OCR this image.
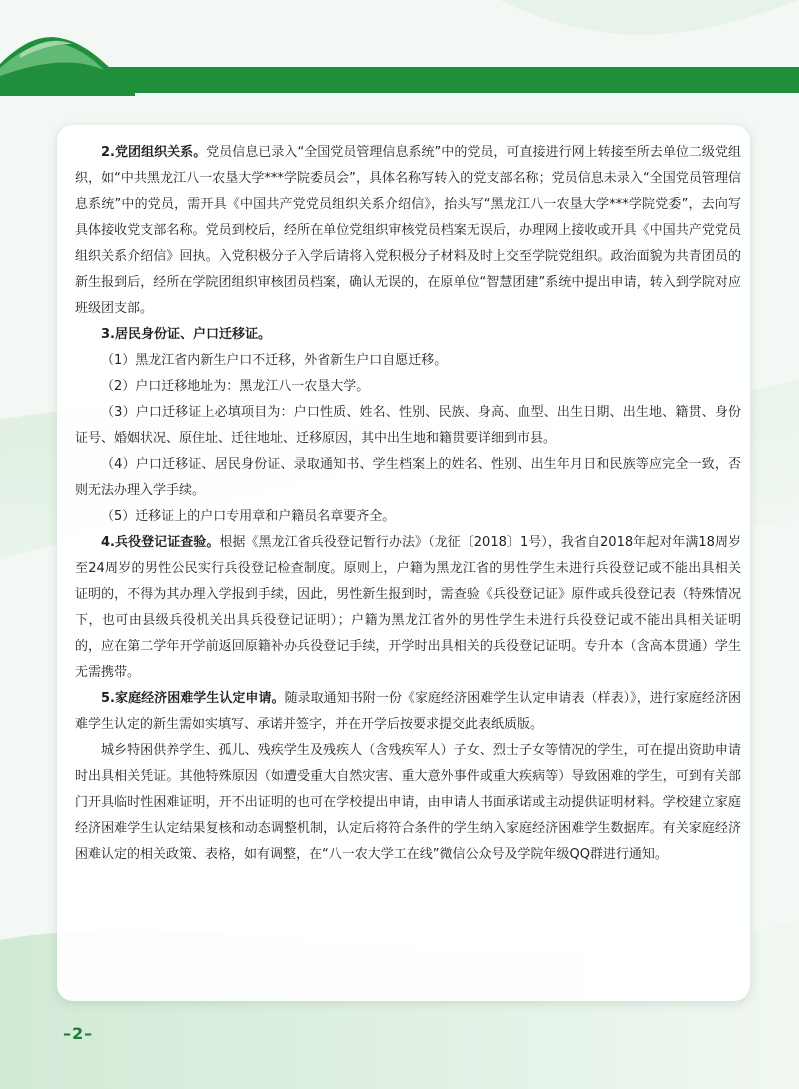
2.党团组织关系。党员信息已录入“全国党员管理信息系统”中的党员，可直接进行网上转接至所去单位二级党组织，如“中共黑龙江八一农垦大学***学院委员会”，具体名称写转入的党支部名称；党员信息未录入“全国党员管理信息系统”中的党员，需开具《中国共产党党员组织关系介绍信》，抬头写“黑龙江八一农垦大学***学院党委”，去向写具体接收党支部名称。党员到校后，经所在单位党组织审核党员档案无误后，办理网上接收或开具《中国共产党党员组织关系介绍信》回执。入党积极分子入学后请将入党积极分子材料及时上交至学院党组织。政治面貌为共青团员的新生报到后，经所在学院团组织审核团员档案，确认无误的，在原单位“智慧团建”系统中提出申请，转入到学院对应班级团支部。

3.居民身份证、户口迁移证。

（1）黑龙江省内新生户口不迁移，外省新生户口自愿迁移。

（2）户口迁移地址为：黑龙江八一农垦大学。

（3）户口迁移证上必填项目为：户口性质、姓名、性别、民族、身高、血型、出生日期、出生地、籍贯、身份证号、婚姻状况、原住址、迁往地址、迁移原因，其中出生地和籍贯要详细到市县。

（4）户口迁移证、居民身份证、录取通知书、学生档案上的姓名、性别、出生年月日和民族等应完全一致，否则无法办理入学手续。

（5）迁移证上的户口专用章和户籍员名章要齐全。

4.兵役登记证查验。根据《黑龙江省兵役登记暂行办法》（龙征〔2018〕1号），我省自2018年起对年满18周岁至24周岁的男性公民实行兵役登记检查制度。原则上，户籍为黑龙江省的男性学生未进行兵役登记或不能出具相关证明的，不得为其办理入学报到手续，因此，男性新生报到时，需查验《兵役登记证》原件或兵役登记表（特殊情况下，也可由县级兵役机关出具兵役登记证明）；户籍为黑龙江省外的男性学生未进行兵役登记或不能出具相关证明的，应在第二学年开学前返回原籍补办兵役登记手续，开学时出具相关的兵役登记证明。专升本（含高本贯通）学生无需携带。

5.家庭经济困难学生认定申请。随录取通知书附一份《家庭经济困难学生认定申请表（样表）》，进行家庭经济困难学生认定的新生需如实填写、承诺并签字，并在开学后按要求提交此表纸质版。

城乡特困供养学生、孤儿、残疾学生及残疾人（含残疾军人）子女、烈士子女等情况的学生，可在提出资助申请时出具相关凭证。其他特殊原因（如遭受重大自然灾害、重大意外事件或重大疾病等）导致困难的学生，可到有关部门开具临时性困难证明，开不出证明的也可在学校提出申请，由申请人书面承诺或主动提供证明材料。学校建立家庭经济困难学生认定结果复核和动态调整机制，认定后将符合条件的学生纳入家庭经济困难学生数据库。有关家庭经济困难认定的相关政策、表格，如有调整，在“八一农大学工在线”微信公众号及学院年级QQ群进行通知。

–2–
